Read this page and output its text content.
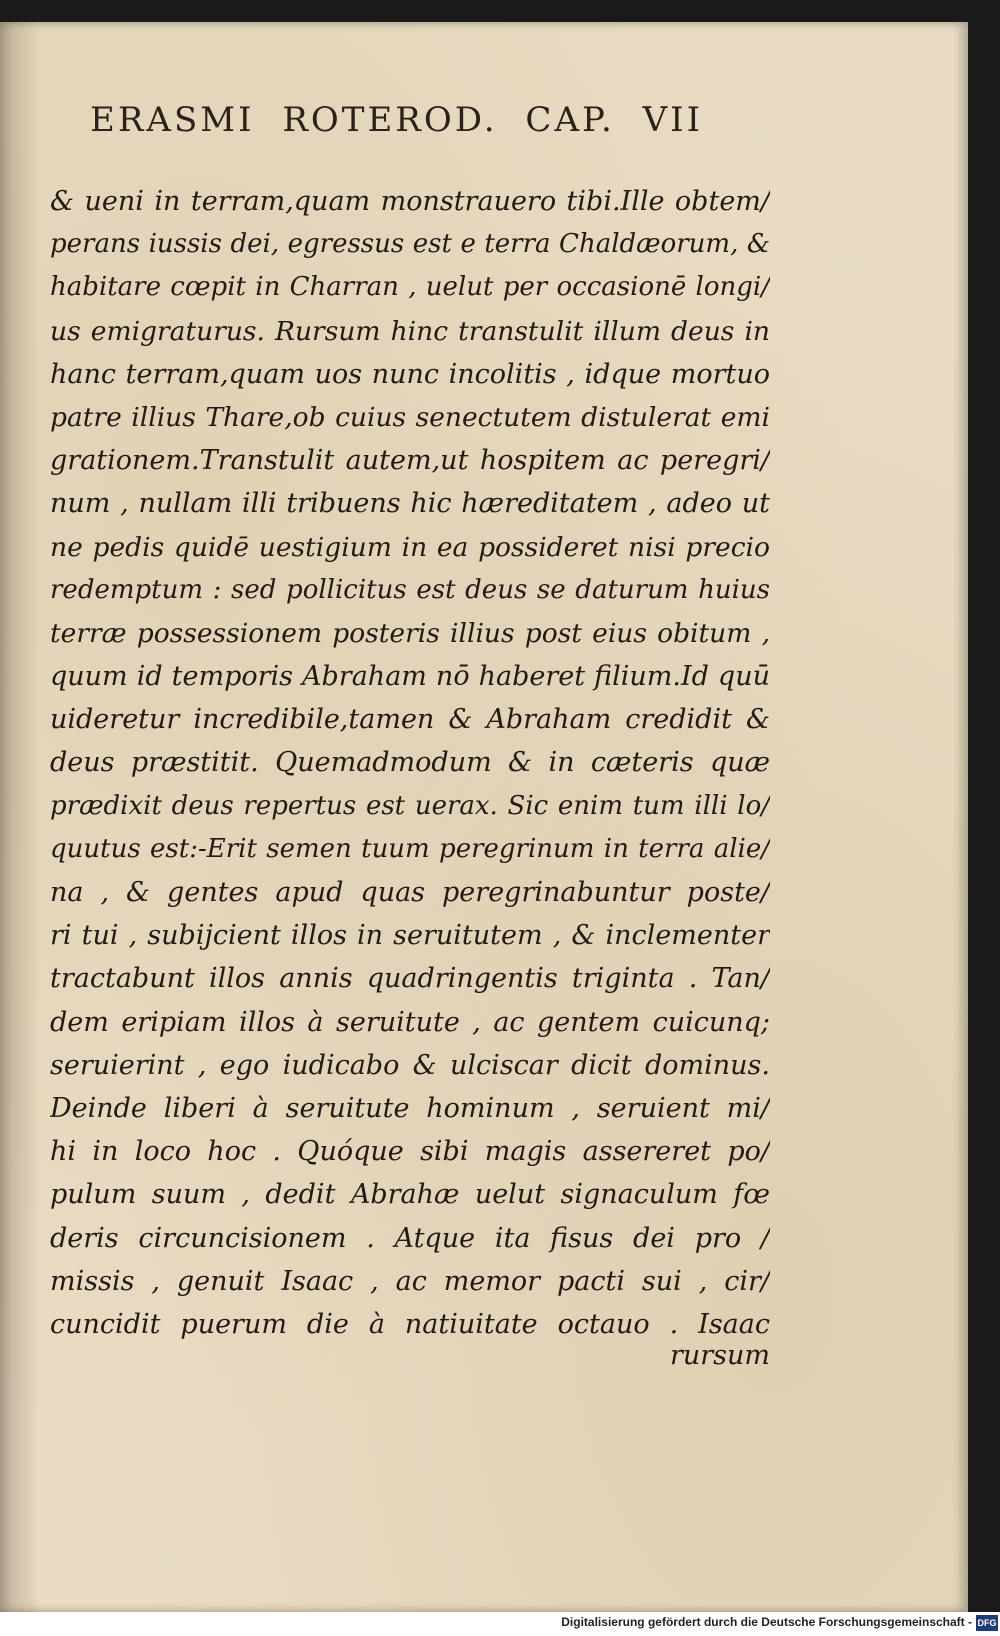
ERASMI ROTEROD. CAP. VII
& ueni in terram,quam monstrauero tibi.Ille obtem/
perans iussis dei, egressus est e terra Chaldæorum, &
habitare cœpit in Charran , uelut per occasionē longi/
us emigraturus. Rursum hinc transtulit illum deus in
hanc terram,quam uos nunc incolitis , idque mortuo
patre illius Thare,ob cuius senectutem distulerat emi
grationem.Transtulit autem,ut hospitem ac peregri/
num , nullam illi tribuens hic hæreditatem , adeo ut
ne pedis quidē uestigium in ea possideret nisi precio
redemptum : sed pollicitus est deus se daturum huius
terræ possessionem posteris illius post eius obitum ,
quum id temporis Abraham nō haberet filium.Id quū
uideretur incredibile,tamen & Abraham credidit &
deus præstitit. Quemadmodum & in cæteris quæ
prædixit deus repertus est uerax. Sic enim tum illi lo/
quutus est:-Erit semen tuum peregrinum in terra alie/
na , & gentes apud quas peregrinabuntur poste/
ri tui , subijcient illos in seruitutem , & inclementer
tractabunt illos annis quadringentis triginta . Tan/
dem eripiam illos à seruitute , ac gentem cuicunq;
seruierint , ego iudicabo & ulciscar dicit dominus.
Deinde liberi à seruitute hominum , seruient mi/
hi in loco hoc . Quóque sibi magis assereret po/
pulum suum , dedit Abrahæ uelut signaculum fœ
deris circuncisionem . Atque ita fisus dei pro /
missis , genuit Isaac , ac memor pacti sui , cir/
cuncidit puerum die à natiuitate octauo . Isaac
rursum
Digitalisierung gefördert durch die Deutsche Forschungsgemeinschaft - DFG
